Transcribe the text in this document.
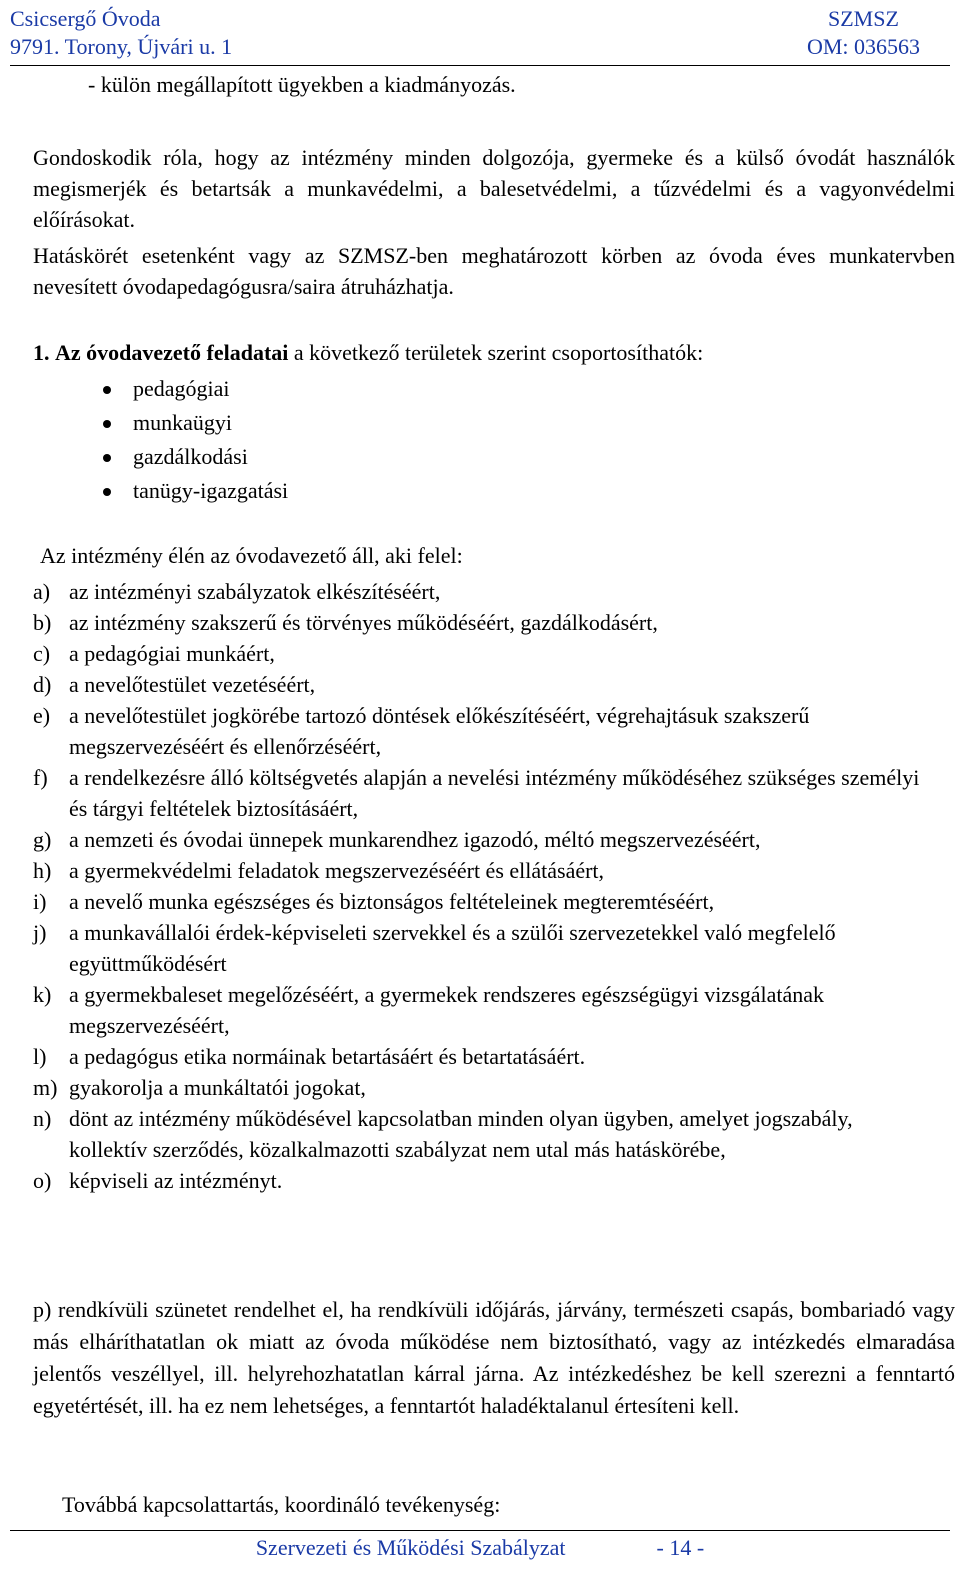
Csicsergő Óvoda
9791. Torony, Újvári u. 1
SZMSZ
OM: 036563
- külön megállapított ügyekben a kiadmányozás.

Gondoskodik róla, hogy az intézmény minden dolgozója, gyermeke és a külső óvodát használók megismerjék és betartsák a munkavédelmi, a balesetvédelmi, a tűzvédelmi és a vagyonvédelmi előírásokat.

Hatáskörét esetenként vagy az SZMSZ-ben meghatározott körben az óvoda éves munkatervben nevesített óvodapedagógusra/saira átruházhatja.

1. Az óvodavezető feladatai a következő területek szerint csoportosíthatók:
pedagógiai
munkaügyi
gazdálkodási
tanügy-igazgatási
Az intézmény élén az óvodavezető áll, aki felel:
a) az intézményi szabályzatok elkészítéséért,
b) az intézmény szakszerű és törvényes működéséért, gazdálkodásért,
c) a pedagógiai munkáért,
d) a nevelőtestület vezetéséért,
e) a nevelőtestület jogkörébe tartozó döntések előkészítéséért, végrehajtásuk szakszerű megszervezéséért és ellenőrzéséért,
f) a rendelkezésre álló költségvetés alapján a nevelési intézmény működéséhez szükséges személyi és tárgyi feltételek biztosításáért,
g) a nemzeti és óvodai ünnepek munkarendhez igazodó, méltó megszervezéséért,
h) a gyermekvédelmi feladatok megszervezéséért és ellátásáért,
i) a nevelő munka egészséges és biztonságos feltételeinek megteremtéséért,
j) a munkavállalói érdek-képviseleti szervekkel és a szülői szervezetekkel való megfelelő együttműködésért
k) a gyermekbaleset megelőzéséért, a gyermekek rendszeres egészségügyi vizsgálatának megszervezéséért,
l) a pedagógus etika normáinak betartásáért és betartatásáért.
m) gyakorolja a munkáltatói jogokat,
n) dönt az intézmény működésével kapcsolatban minden olyan ügyben, amelyet jogszabály, kollektív szerződés, közalkalmazotti szabályzat nem utal más hatáskörébe,
o) képviseli az intézményt.

p) rendkívüli szünetet rendelhet el, ha rendkívüli időjárás, járvány, természeti csapás, bombariadó vagy más elháríthatatlan ok miatt az óvoda működése nem biztosítható, vagy az intézkedés elmaradása jelentős veszéllyel, ill. helyrehozhatatlan kárral járna. Az intézkedéshez be kell szerezni a fenntartó egyetértését, ill. ha ez nem lehetséges, a fenntartót haladéktalanul értesíteni kell.

Továbbá kapcsolattartás, koordináló tevékenység:
Szervezeti és Működési Szabályzat	- 14 -
